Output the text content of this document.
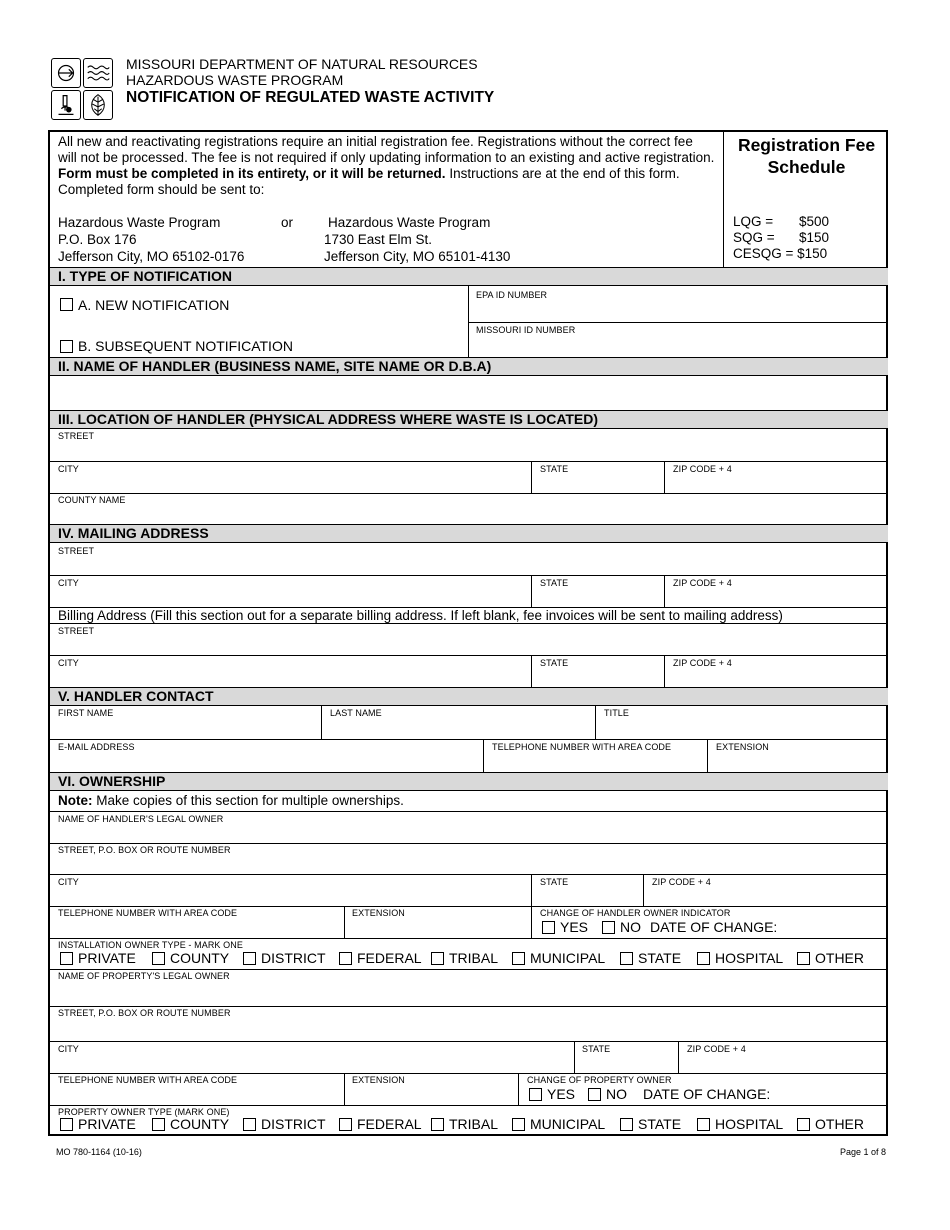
MISSOURI DEPARTMENT OF NATURAL RESOURCES
HAZARDOUS WASTE PROGRAM
NOTIFICATION OF REGULATED WASTE ACTIVITY
All new and reactivating registrations require an initial registration fee. Registrations without the correct fee will not be processed. The fee is not required if only updating information to an existing and active registration. Form must be completed in its entirety, or it will be returned. Instructions are at the end of this form. Completed form should be sent to:
Hazardous Waste Program
P.O. Box 176
Jefferson City, MO 65102-0176
or	Hazardous Waste Program
1730 East Elm St.
Jefferson City, MO 65101-4130
Registration Fee
Schedule
LQG = $500
SQG = $150
CESQG = $150
I. TYPE OF NOTIFICATION
A. NEW NOTIFICATION
B. SUBSEQUENT NOTIFICATION
EPA ID NUMBER
MISSOURI ID NUMBER
II. NAME OF HANDLER (BUSINESS NAME, SITE NAME OR D.B.A)
III. LOCATION OF HANDLER (PHYSICAL ADDRESS WHERE WASTE IS LOCATED)
STREET
CITY	STATE	ZIP CODE + 4
COUNTY NAME
IV. MAILING ADDRESS
STREET
CITY	STATE	ZIP CODE + 4
Billing Address (Fill this section out for a separate billing address. If left blank, fee invoices will be sent to mailing address)
STREET
CITY	STATE	ZIP CODE + 4
V. HANDLER CONTACT
FIRST NAME	LAST NAME	TITLE
E-MAIL ADDRESS	TELEPHONE NUMBER WITH AREA CODE	EXTENSION
VI. OWNERSHIP
Note: Make copies of this section for multiple ownerships.
NAME OF HANDLER'S LEGAL OWNER
STREET, P.O. BOX OR ROUTE NUMBER
CITY	STATE	ZIP CODE + 4
TELEPHONE NUMBER WITH AREA CODE	EXTENSION	CHANGE OF HANDLER OWNER INDICATOR
YES NO DATE OF CHANGE:
INSTALLATION OWNER TYPE - MARK ONE
PRIVATE COUNTY DISTRICT FEDERAL TRIBAL MUNICIPAL STATE HOSPITAL OTHER
NAME OF PROPERTY'S LEGAL OWNER
STREET, P.O. BOX OR ROUTE NUMBER
CITY	STATE	ZIP CODE + 4
TELEPHONE NUMBER WITH AREA CODE	EXTENSION	CHANGE OF PROPERTY OWNER
YES NO DATE OF CHANGE:
PROPERTY OWNER TYPE (MARK ONE)
PRIVATE COUNTY DISTRICT FEDERAL TRIBAL MUNICIPAL STATE HOSPITAL OTHER
MO 780-1164 (10-16)	Page 1 of 8
